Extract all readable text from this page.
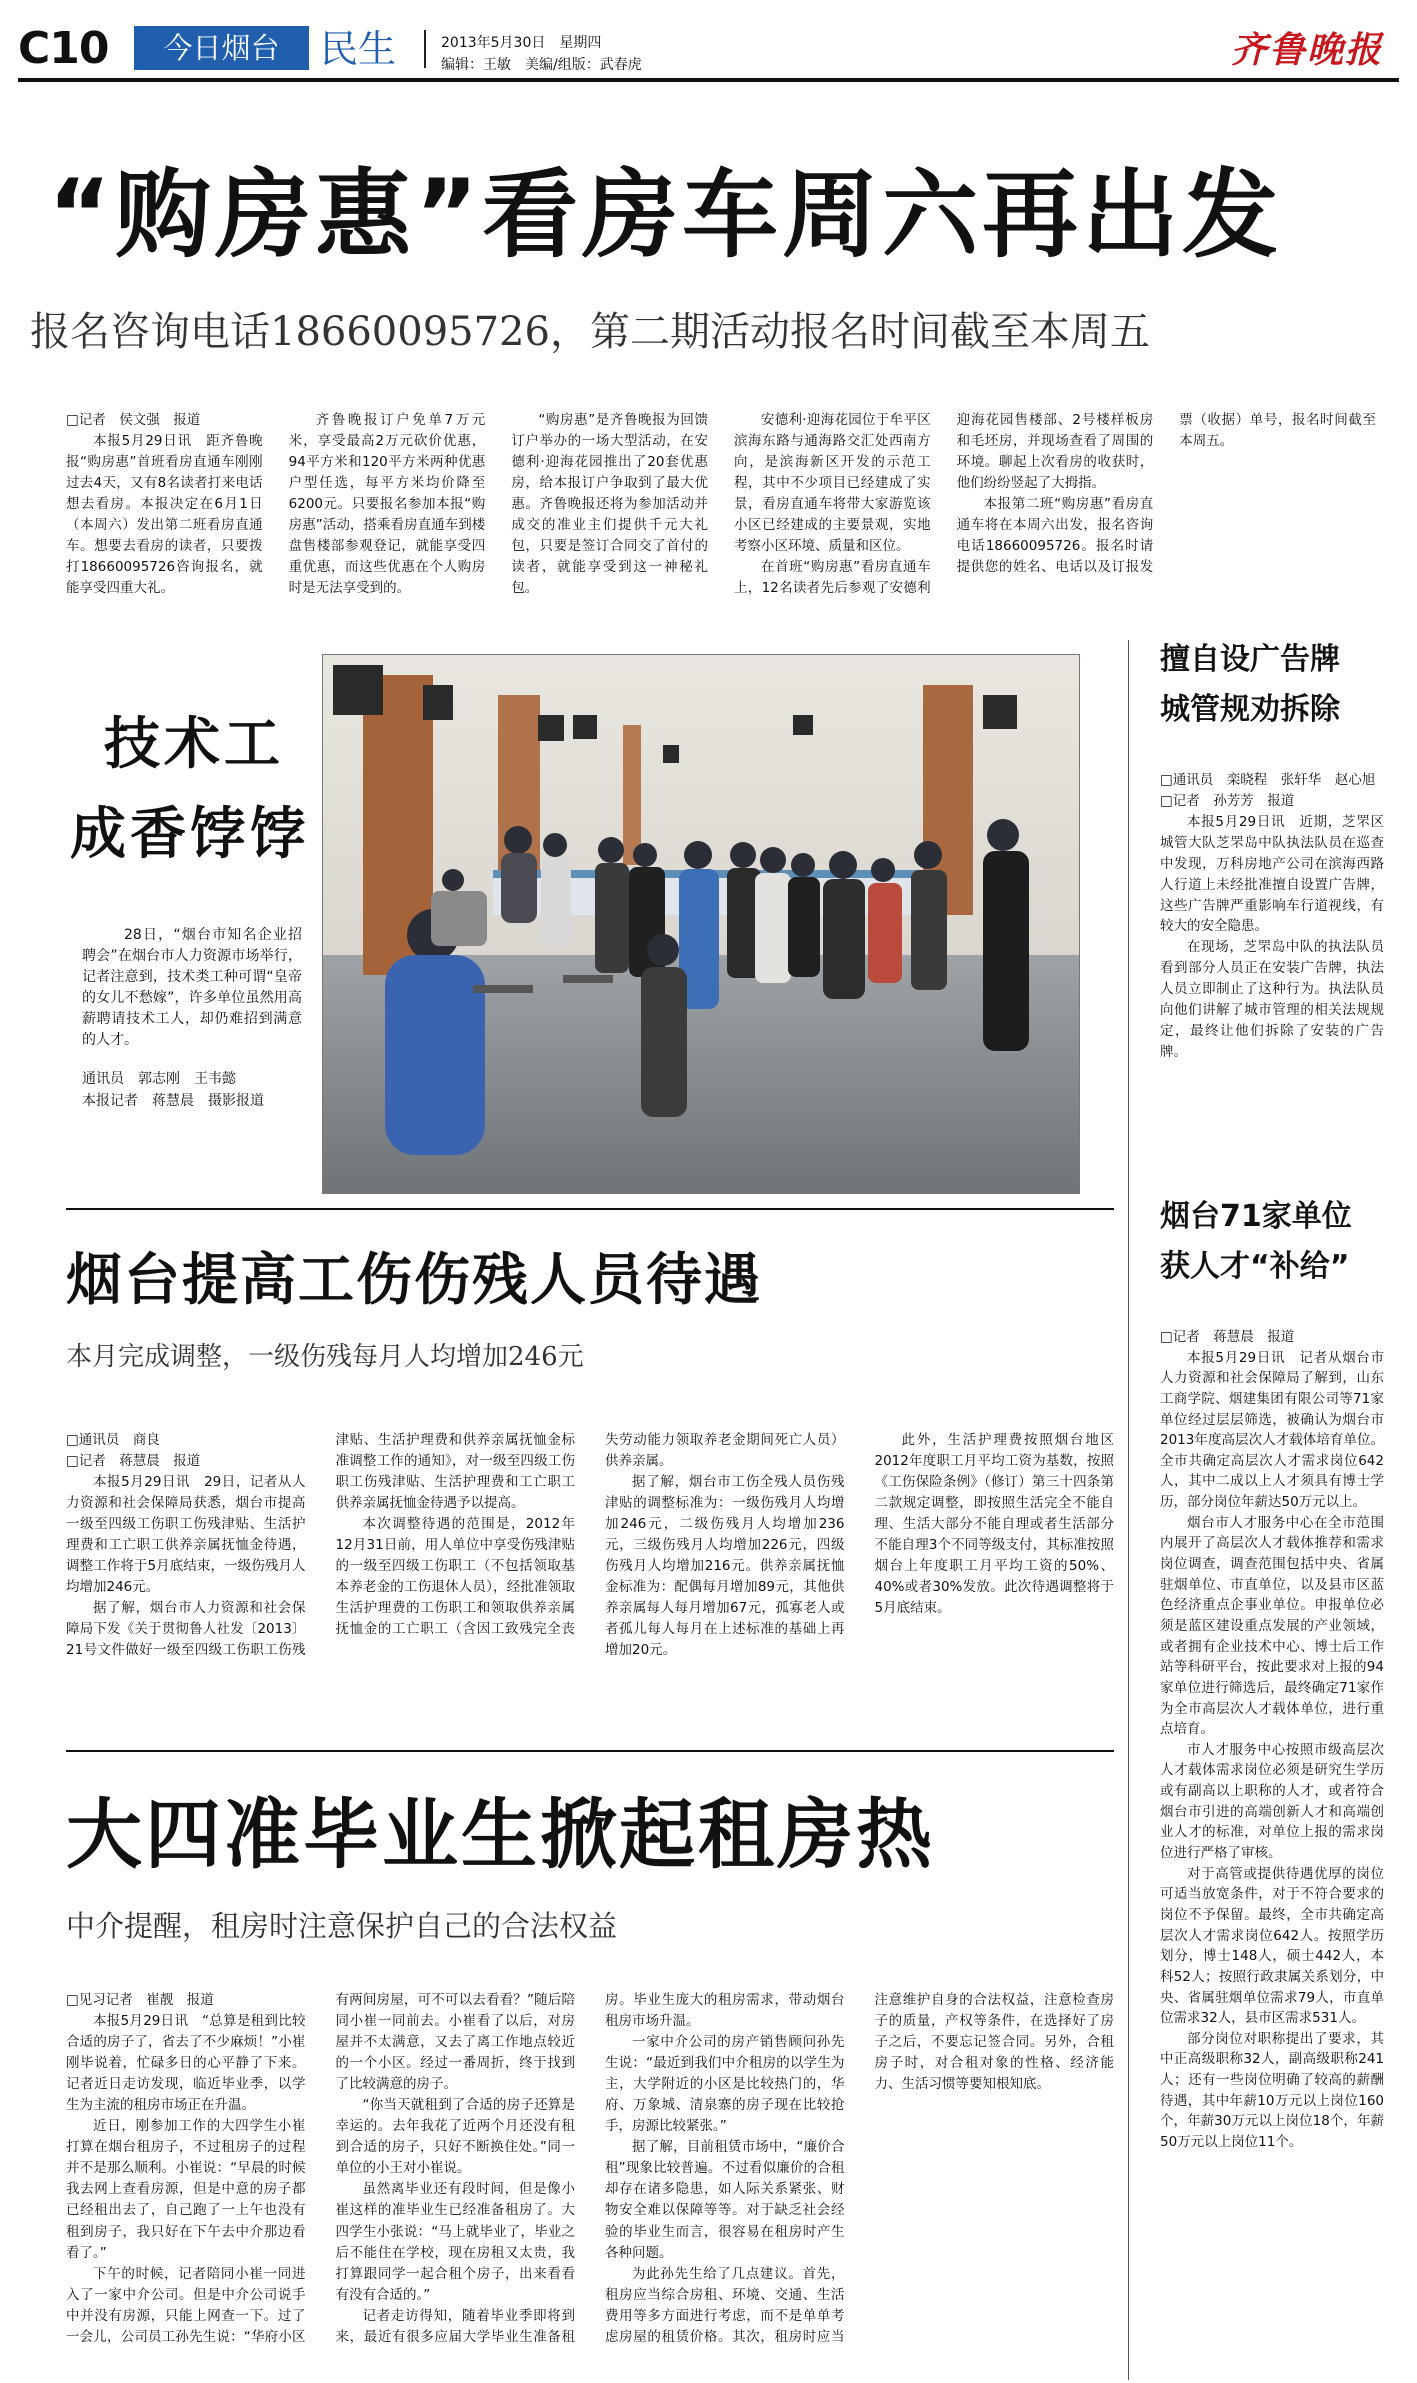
C10	今日烟台	民生	2013年5月30日　星期四
编辑：王敏　美编/组版：武春虎	齐鲁晚报
“购房惠”看房车周六再出发
报名咨询电话18660095726，第二期活动报名时间截至本周五

□ 记者　侯文强　报道

本报5月29日讯　距齐鲁晚报“购房惠”首班看房直通车刚刚过去4天，又有8名读者打来电话想去看房。本报决定在6月1日（本周六）发出第二班看房直通车。想要去看房的读者，只要拨打18660095726咨询报名，就能享受四重大礼。

齐鲁晚报订户免单7万元米，享受最高2万元砍价优惠，94平方米和120平方米两种优惠户型任选，每平方米均价降至6200元。只要报名参加本报“购房惠”活动，搭乘看房直通车到楼盘售楼部参观登记，就能享受四重优惠，而这些优惠在个人购房时是无法享受到的。

“购房惠”是齐鲁晚报为回馈订户举办的一场大型活动，在安德利·迎海花园推出了20套优惠房，给本报订户争取到了最大优惠。齐鲁晚报还将为参加活动并成交的准业主们提供千元大礼包，只要是签订合同交了首付的读者，就能享受到这一神秘礼包。

安德利·迎海花园位于牟平区滨海东路与通海路交汇处西南方向，是滨海新区开发的示范工程，其中不少项目已经建成了实景，看房直通车将带大家游览该小区已经建成的主要景观，实地考察小区环境、质量和区位。

在首班“购房惠”看房直通车上，12名读者先后参观了安德利迎海花园售楼部、2号楼样板房和毛坯房，并现场查看了周围的环境。聊起上次看房的收获时，他们纷纷竖起了大拇指。

本报第二班“购房惠”看房直通车将在本周六出发，报名咨询电话18660095726。报名时请提供您的姓名、电话以及订报发票（收据）单号，报名时间截至本周五。

技术工
成香饽饽
28日，“烟台市知名企业招聘会”在烟台市人力资源市场举行，记者注意到，技术类工种可谓“皇帝的女儿不愁嫁”，许多单位虽然用高薪聘请技术工人，却仍难招到满意的人才。
通讯员　郭志刚　王韦懿
本报记者　蒋慧晨　摄影报道
擅自设广告牌
城管规劝拆除

□ 通讯员　栾晓程　张轩华　赵心旭

□ 记者　孙芳芳　报道

本报5月29日讯　近期，芝罘区城管大队芝罘岛中队执法队员在巡查中发现，万科房地产公司在滨海西路人行道上未经批准擅自设置广告牌，这些广告牌严重影响车行道视线，有较大的安全隐患。

在现场，芝罘岛中队的执法队员看到部分人员正在安装广告牌，执法人员立即制止了这种行为。执法队员向他们讲解了城市管理的相关法规规定，最终让他们拆除了安装的广告牌。

烟台71家单位
获人才“补给”

□ 记者　蒋慧晨　报道

本报5月29日讯　记者从烟台市人力资源和社会保障局了解到，山东工商学院、烟建集团有限公司等71家单位经过层层筛选，被确认为烟台市2013年度高层次人才载体培育单位。全市共确定高层次人才需求岗位642人，其中二成以上人才须具有博士学历，部分岗位年薪达50万元以上。

烟台市人才服务中心在全市范围内展开了高层次人才载体推荐和需求岗位调查，调查范围包括中央、省属驻烟单位、市直单位，以及县市区蓝色经济重点企事业单位。申报单位必须是蓝区建设重点发展的产业领域，或者拥有企业技术中心、博士后工作站等科研平台，按此要求对上报的94家单位进行筛选后，最终确定71家作为全市高层次人才载体单位，进行重点培育。

市人才服务中心按照市级高层次人才载体需求岗位必须是研究生学历或有副高以上职称的人才，或者符合烟台市引进的高端创新人才和高端创业人才的标准，对单位上报的需求岗位进行严格了审核。

对于高管或提供待遇优厚的岗位可适当放宽条件，对于不符合要求的岗位不予保留。最终，全市共确定高层次人才需求岗位642人。按照学历划分，博士148人，硕士442人，本科52人；按照行政隶属关系划分，中央、省属驻烟单位需求79人，市直单位需求32人，县市区需求531人。

部分岗位对职称提出了要求，其中正高级职称32人，副高级职称241人；还有一些岗位明确了较高的薪酬待遇，其中年薪10万元以上岗位160个，年薪30万元以上岗位18个，年薪50万元以上岗位11个。

烟台提高工伤伤残人员待遇
本月完成调整，一级伤残每月人均增加246元

□ 通讯员　商良

□ 记者　蒋慧晨　报道

本报5月29日讯　29日，记者从人力资源和社会保障局获悉，烟台市提高一级至四级工伤职工伤残津贴、生活护理费和工亡职工供养亲属抚恤金待遇，调整工作将于5月底结束，一级伤残月人均增加246元。

据了解，烟台市人力资源和社会保障局下发《关于贯彻鲁人社发〔2013〕21号文件做好一级至四级工伤职工伤残津贴、生活护理费和供养亲属抚恤金标准调整工作的通知》，对一级至四级工伤职工伤残津贴、生活护理费和工亡职工供养亲属抚恤金待遇予以提高。

本次调整待遇的范围是，2012年12月31日前，用人单位中享受伤残津贴的一级至四级工伤职工（不包括领取基本养老金的工伤退休人员），经批准领取生活护理费的工伤职工和领取供养亲属抚恤金的工亡职工（含因工致残完全丧失劳动能力领取养老金期间死亡人员）供养亲属。

据了解，烟台市工伤全残人员伤残津贴的调整标准为：一级伤残月人均增加246元，二级伤残月人均增加236元，三级伤残月人均增加226元，四级伤残月人均增加216元。供养亲属抚恤金标准为：配偶每月增加89元，其他供养亲属每人每月增加67元，孤寡老人或者孤儿每人每月在上述标准的基础上再增加20元。

此外，生活护理费按照烟台地区2012年度职工月平均工资为基数，按照《工伤保险条例》（修订）第三十四条第二款规定调整，即按照生活完全不能自理、生活大部分不能自理或者生活部分不能自理3个不同等级支付，其标准按照烟台上年度职工月平均工资的50%、40%或者30%发放。此次待遇调整将于5月底结束。

大四准毕业生掀起租房热
中介提醒，租房时注意保护自己的合法权益

□ 见习记者　崔靓　报道

本报5月29日讯　“总算是租到比较合适的房子了，省去了不少麻烦！”小崔刚毕说着，忙碌多日的心平静了下来。记者近日走访发现，临近毕业季，以学生为主流的租房市场正在升温。

近日，刚参加工作的大四学生小崔打算在烟台租房子，不过租房子的过程并不是那么顺利。小崔说：“早晨的时候我去网上查看房源，但是中意的房子都已经租出去了，自己跑了一上午也没有租到房子，我只好在下午去中介那边看看了。”

下午的时候，记者陪同小崔一同进入了一家中介公司。但是中介公司说手中并没有房源，只能上网查一下。过了一会儿，公司员工孙先生说：“华府小区有两间房屋，可不可以去看看？”随后陪同小崔一同前去。小崔看了以后，对房屋并不太满意，又去了离工作地点较近的一个小区。经过一番周折，终于找到了比较满意的房子。

“你当天就租到了合适的房子还算是幸运的。去年我花了近两个月还没有租到合适的房子，只好不断换住处。”同一单位的小王对小崔说。

虽然离毕业还有段时间，但是像小崔这样的准毕业生已经准备租房了。大四学生小张说：“马上就毕业了，毕业之后不能住在学校，现在房租又太贵，我打算跟同学一起合租个房子，出来看看有没有合适的。”

记者走访得知，随着毕业季即将到来，最近有很多应届大学毕业生准备租房。毕业生庞大的租房需求，带动烟台租房市场升温。

一家中介公司的房产销售顾问孙先生说：“最近到我们中介租房的以学生为主，大学附近的小区是比较热门的，华府、万象城、清泉寨的房子现在比较抢手，房源比较紧张。”

据了解，目前租赁市场中，“廉价合租”现象比较普遍。不过看似廉价的合租却存在诸多隐患，如人际关系紧张、财物安全难以保障等等。对于缺乏社会经验的毕业生而言，很容易在租房时产生各种问题。

为此孙先生给了几点建议。首先，租房应当综合房租、环境、交通、生活费用等多方面进行考虑，而不是单单考虑房屋的租赁价格。其次，租房时应当注意维护自身的合法权益，注意检查房子的质量，产权等条件，在选择好了房子之后，不要忘记签合同。另外，合租房子时，对合租对象的性格、经济能力、生活习惯等要知根知底。
